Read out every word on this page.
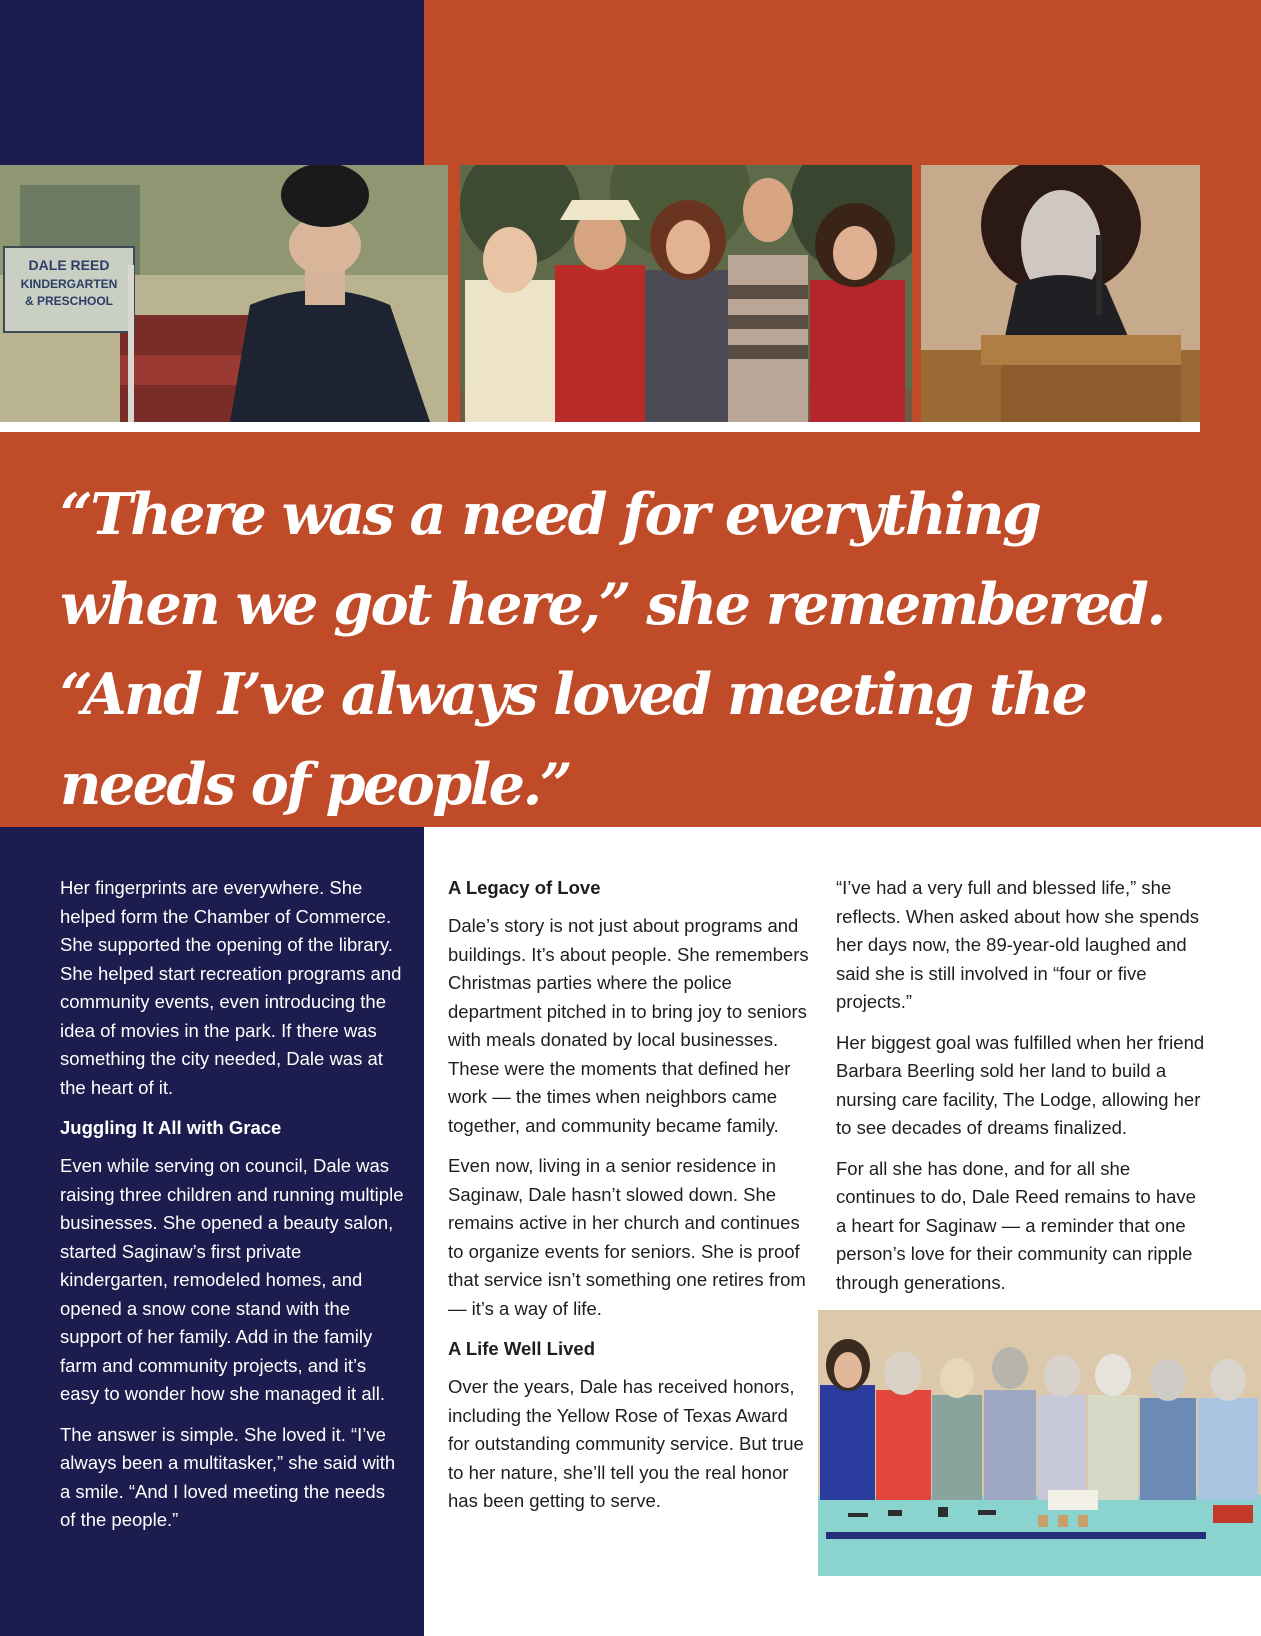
DALE REED
KINDERGARTEN
& PRESCHOOL
“There was a need for everything when we got here,” she remembered. “And I’ve always loved meeting the needs of people.”

Her fingerprints are everywhere. She helped form the Chamber of Commerce. She supported the opening of the library. She helped start recreation programs and community events, even introducing the idea of movies in the park. If there was something the city needed, Dale was at the heart of it.

Juggling It All with Grace

Even while serving on council, Dale was raising three children and running multiple businesses. She opened a beauty salon, started Saginaw’s first private kindergarten, remodeled homes, and opened a snow cone stand with the support of her family. Add in the family farm and community projects, and it’s easy to wonder how she managed it all.

The answer is simple. She loved it. “I’ve always been a multitasker,” she said with a smile. “And I loved meeting the needs of the people.”

A Legacy of Love

Dale’s story is not just about programs and buildings. It’s about people. She remembers Christmas parties where the police department pitched in to bring joy to seniors with meals donated by local businesses. These were the moments that defined her work — the times when neighbors came together, and community became family.

Even now, living in a senior residence in Saginaw, Dale hasn’t slowed down. She remains active in her church and continues to organize events for seniors. She is proof that service isn’t something one retires from — it’s a way of life.

A Life Well Lived

Over the years, Dale has received honors, including the Yellow Rose of Texas Award for outstanding community service. But true to her nature, she’ll tell you the real honor has been getting to serve.

“I’ve had a very full and blessed life,” she reflects. When asked about how she spends her days now, the 89-year-old laughed and said she is still involved in “four or five projects.”

Her biggest goal was fulfilled when her friend Barbara Beerling sold her land to build a nursing care facility, The Lodge, allowing her to see decades of dreams finalized.

For all she has done, and for all she continues to do, Dale Reed remains to have a heart for Saginaw — a reminder that one person’s love for their community can ripple through generations.
